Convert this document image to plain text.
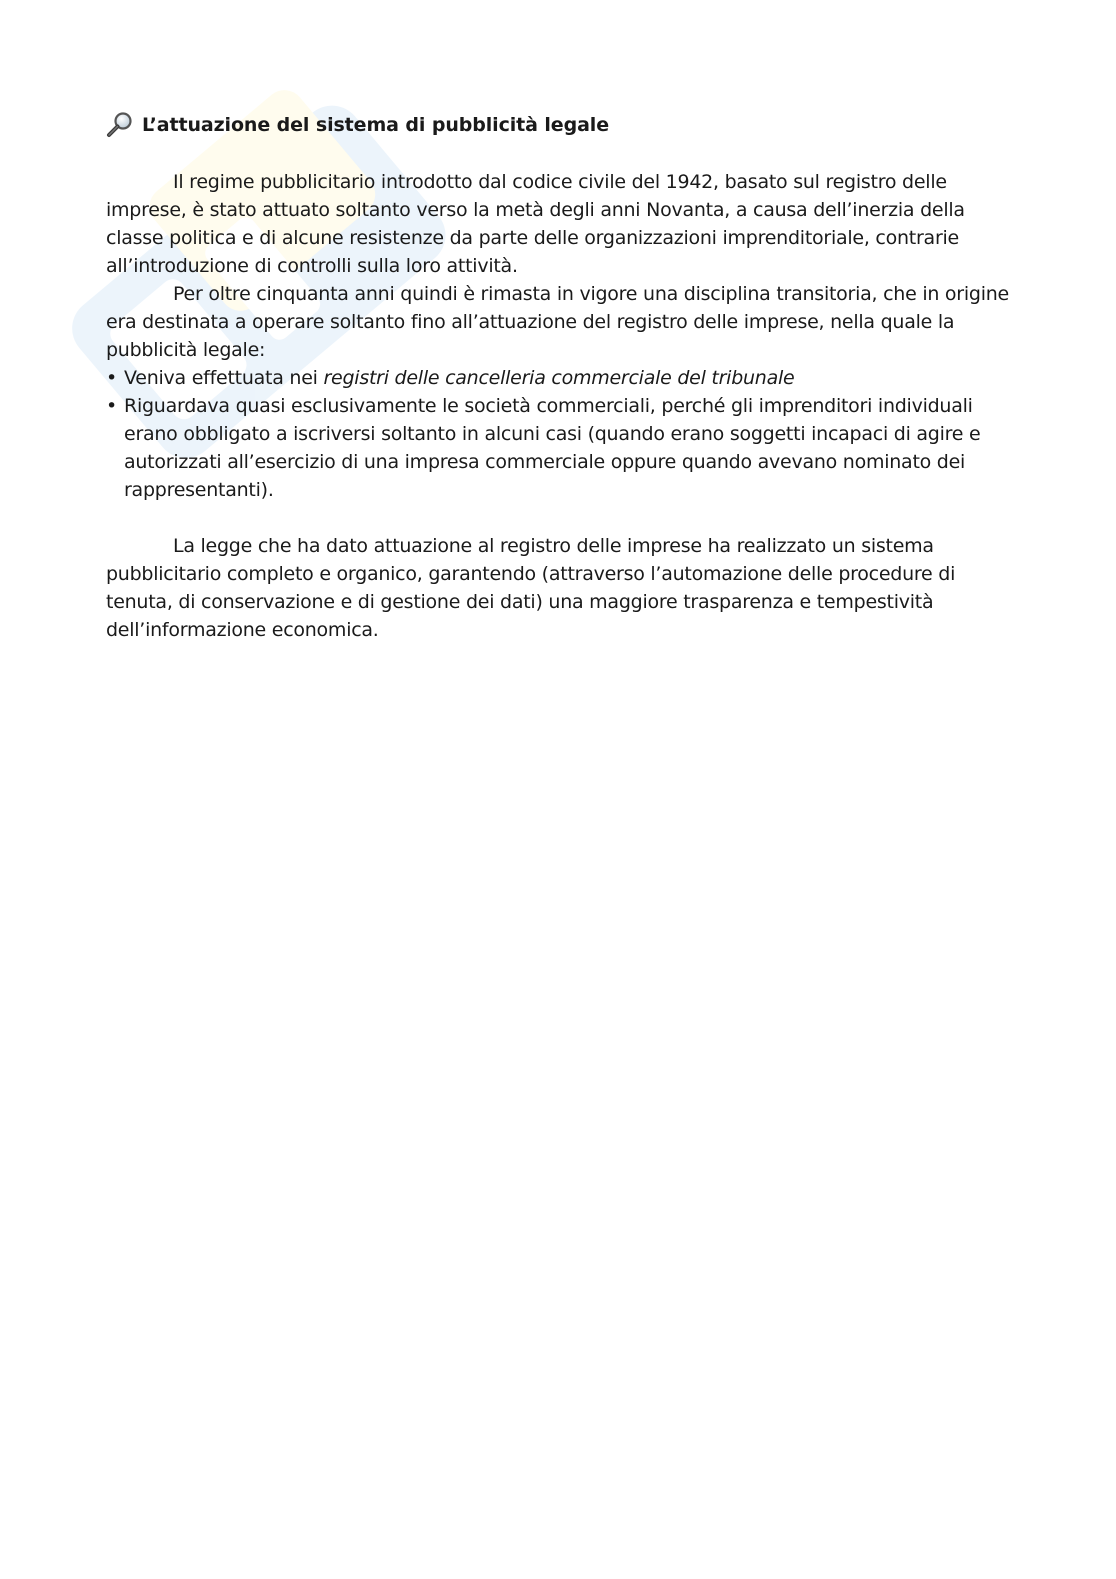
L’attuazione del sistema di pubblicità legale

Il regime pubblicitario introdotto dal codice civile del 1942, basato sul registro delle imprese, è stato attuato soltanto verso la metà degli anni Novanta, a causa dell’inerzia della classe politica e di alcune resistenze da parte delle organizzazioni imprenditoriale, contrarie all’introduzione di controlli sulla loro attività.

Per oltre cinquanta anni quindi è rimasta in vigore una disciplina transitoria, che in origine era destinata a operare soltanto fino all’attuazione del registro delle imprese, nella quale la pubblicità legale:

• Veniva effettuata nei registri delle cancelleria commerciale del tribunale
• Riguardava quasi esclusivamente le società commerciali, perché gli imprenditori individuali erano obbligato a iscriversi soltanto in alcuni casi (quando erano soggetti incapaci di agire e autorizzati all’esercizio di una impresa commerciale oppure quando avevano nominato dei rappresentanti).

La legge che ha dato attuazione al registro delle imprese ha realizzato un sistema pubblicitario completo e organico, garantendo (attraverso l’automazione delle procedure di tenuta, di conservazione e di gestione dei dati) una maggiore trasparenza e tempestività dell’informazione economica.
